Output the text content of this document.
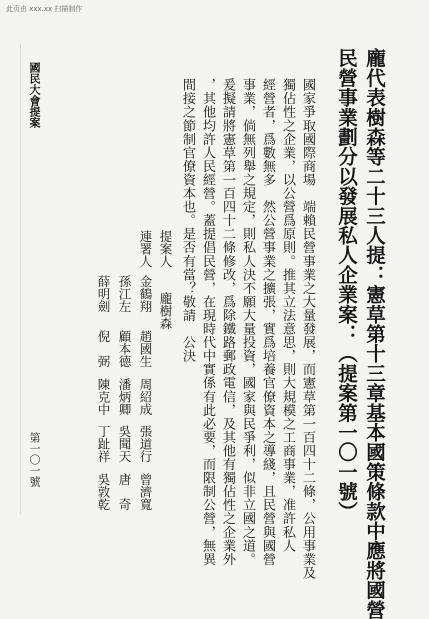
此页由 xxx.xx 扫描制作
龐代表樹森等二十三人提：憲草第十三章基本國策條款中應將國營
民營事業劃分以發展私人企業案：（提案第一〇一號）
國家爭取國際商場　端賴民營事業之大量發展，而憲草第一百四十二條，公用事業及
獨佔性之企業，以公營爲原則。推其立法意思，則大規模之工商事業，准許私人
經營者，爲數無多　然公營事業之擴張，實爲培養官僚資本之導綫，且民營與國營
事業，倘無列舉之規定，則私人決不願大量投資，國家與民爭利，似非立國之道。
爰擬請將憲草第一百四十二條修改，爲除鐵路郵政電信，及其他有獨佔性之企業外
，其他均許人民經營。蓋提倡民營，在現時代中實係有此必要，而限制公營，無異
間接之節制官僚資本也。是否有當？敬請　公決
提案人
龐樹森
連署人
金鶴翔
趙國生
周紹成
張道行
曾濟寬
孫江左
顧本德
潘炳卿
吳聞天
唐　奇
薛明劍
倪　弼
陳克中
丁趾祥
吳敦乾
國民大會提案
第一〇一號
